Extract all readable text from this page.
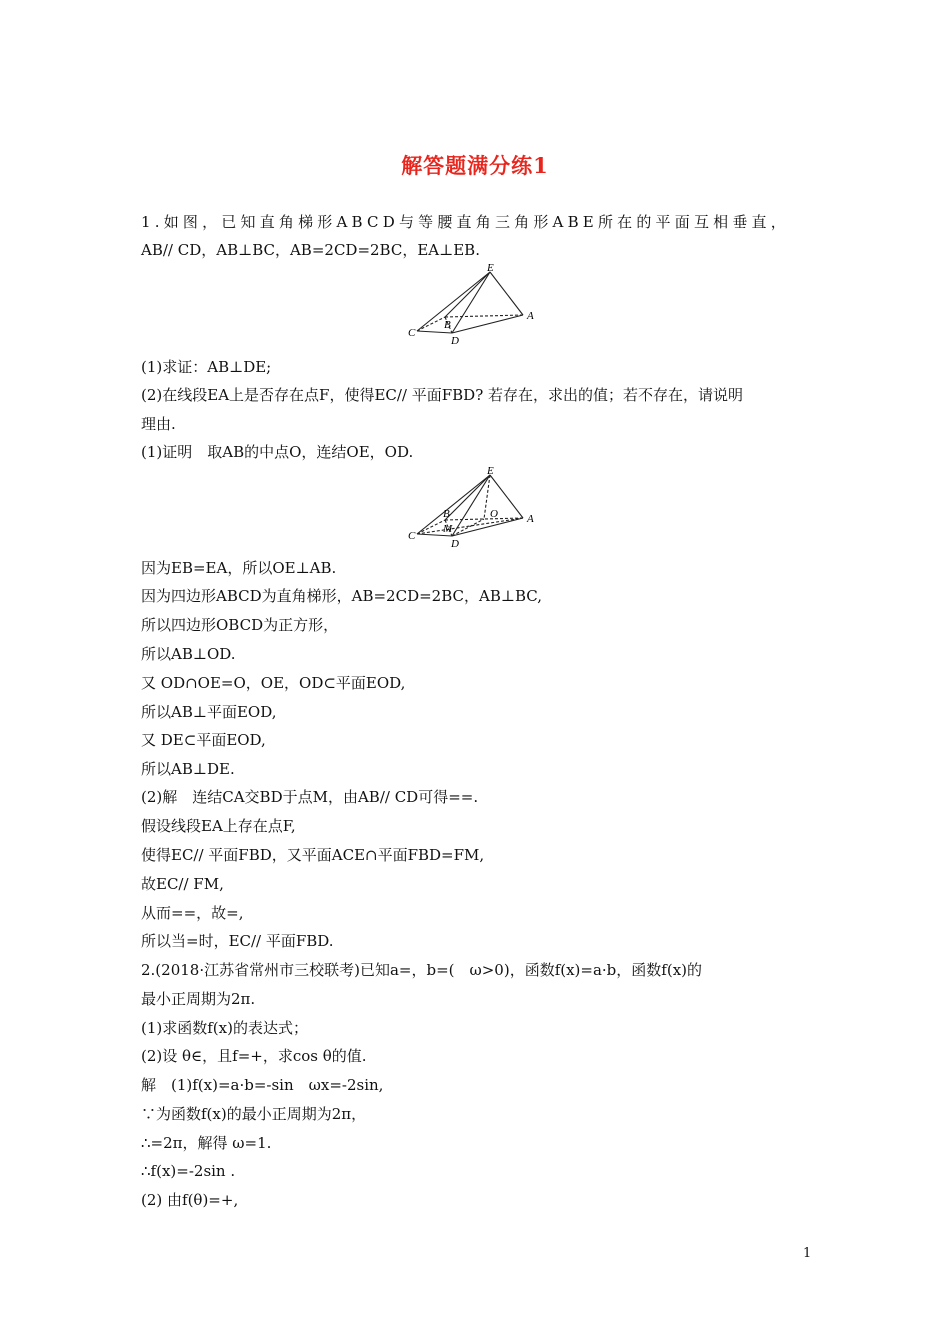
解答题满分练1
1.如图，已知直角梯形ABCD与等腰直角三角形ABE所在的平面互相垂直，
AB// CD，AB⊥BC，AB=2CD=2BC，EA⊥EB.
E
A
B
C
D
(1)求证：AB⊥DE;
(2)在线段EA上是否存在点F，使得EC// 平面FBD? 若存在，求出的值；若不存在，请说明
理由.
(1)证明　取AB的中点O，连结OE，OD.
E
A
B	O
M
C
D
因为EB=EA，所以OE⊥AB.
因为四边形ABCD为直角梯形，AB=2CD=2BC，AB⊥BC,
所以四边形OBCD为正方形，
所以AB⊥OD.
又 OD∩OE=O，OE，OD⊂平面EOD,
所以AB⊥平面EOD,
又 DE⊂平面EOD,
所以AB⊥DE.
(2)解　连结CA交BD于点M，由AB// CD可得==.
假设线段EA上存在点F,
使得EC// 平面FBD，又平面ACE∩平面FBD=FM,
故EC// FM,
从而==，故=,
所以当=时，EC// 平面FBD.
2.(2018·江苏省常州市三校联考)已知a=，b=(　ω>0)，函数f(x)=a·b，函数f(x)的
最小正周期为2π.
(1)求函数f(x)的表达式；
(2)设 θ∈，且f=+，求cos θ的值.
解　(1)f(x)=a·b=-sin　ωx=-2sin,
∵为函数f(x)的最小正周期为2π，
∴=2π，解得 ω=1.
∴f(x)=-2sin .
(2) 由f(θ)=+,
1
